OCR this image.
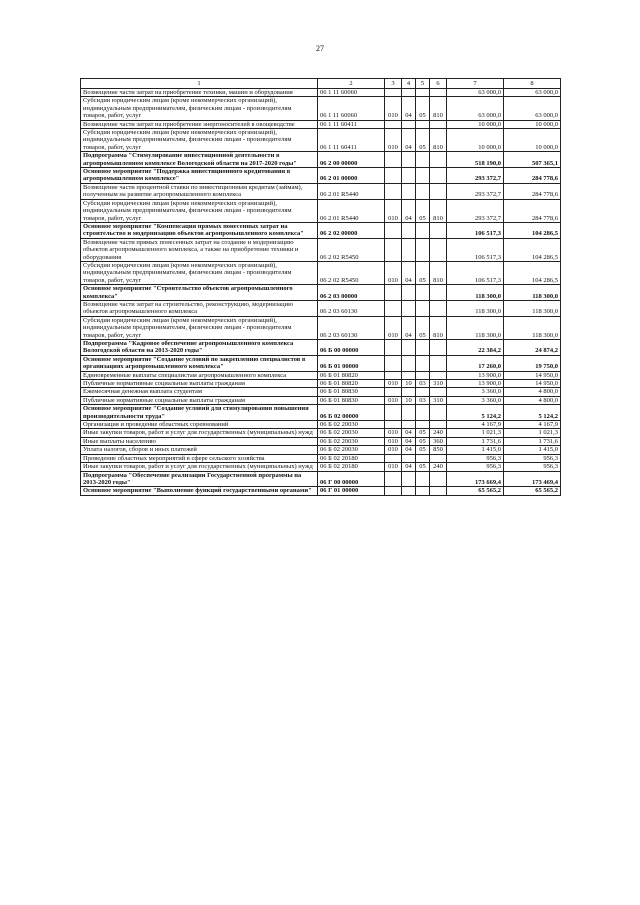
27
1	2	3	4	5	6	7	8
Возмещение части затрат на приобретение техники, машин и оборудования	06 1 11 60060					63 000,0	63 000,0
Субсидии юридическим лицам (кроме некоммерческих организаций), индивидуальным предпринимателям, физическим лицам - производителям товаров, работ, услуг	06 1 11 60060	010	04	05	810	63 000,0	63 000,0
Возмещение части затрат на приобретение энергоносителей в овощеводстве	06 1 11 60411					10 000,0	10 000,0
Субсидии юридическим лицам (кроме некоммерческих организаций), индивидуальным предпринимателям, физическим лицам - производителям товаров, работ, услуг	06 1 11 60411	010	04	05	810	10 000,0	10 000,0
Подпрограмма "Стимулирование инвестиционной деятельности в агропромышленном комплексе Вологодской области на 2017-2020 годы"	06 2 00 00000					518 190,0	507 365,1
Основное мероприятие "Поддержка инвестиционного кредитования в агропромышленном комплексе"	06 2 01 00000					293 372,7	284 778,6
Возмещение части процентной ставки по инвестиционным кредитам (займам), полученным на развитие агропромышленного комплекса	06 2 01 R5440					293 372,7	284 778,6
Субсидии юридическим лицам (кроме некоммерческих организаций), индивидуальным предпринимателям, физическим лицам - производителям товаров, работ, услуг	06 2 01 R5440	010	04	05	810	293 372,7	284 778,6
Основное мероприятие "Компенсация прямых понесенных затрат на строительство и модернизацию объектов агропромышленного комплекса"	06 2 02 00000					106 517,3	104 286,5
Возмещение части прямых понесенных затрат на создание и модернизацию объектов агропромышленного комплекса, а также на приобретение техники и оборудования	06 2 02 R5450					106 517,3	104 286,5
Субсидии юридическим лицам (кроме некоммерческих организаций), индивидуальным предпринимателям, физическим лицам - производителям товаров, работ, услуг	06 2 02 R5450	010	04	05	810	106 517,3	104 286,5
Основное мероприятие "Строительство объектов агропромышленного комплекса"	06 2 03 00000					118 300,0	118 300,0
Возмещение части затрат на строительство, реконструкцию, модернизацию объектов агропромышленного комплекса	06 2 03 60130					118 300,0	118 300,0
Субсидии юридическим лицам (кроме некоммерческих организаций), индивидуальным предпринимателям, физическим лицам - производителям товаров, работ, услуг	06 2 03 60130	010	04	05	810	118 300,0	118 300,0
Подпрограмма "Кадровое обеспечение агропромышленного комплекса Вологодской области на 2013-2020 годы"	06 Б 00 00000					22 384,2	24 874,2
Основное мероприятие "Создание условий по закреплению специалистов в организациях агропромышленного комплекса"	06 Б 01 00000					17 260,0	19 750,0
Единовременные выплаты специалистам агропромышленного комплекса	06 Б 01 80820					13 900,0	14 950,0
Публичные нормативные социальные выплаты гражданам	06 Б 01 80820	010	10	03	310	13 900,0	14 950,0
Ежемесячная денежная выплата студентам	06 Б 01 80830					3 360,0	4 800,0
Публичные нормативные социальные выплаты гражданам	06 Б 01 80830	010	10	03	310	3 360,0	4 800,0
Основное мероприятие "Создание условий для стимулирования повышения производительности труда"	06 Б 02 00000					5 124,2	5 124,2
Организация и проведение областных соревнований	06 Б 02 20030					4 167,9	4 167,9
Иные закупки товаров, работ и услуг для государственных (муниципальных) нужд	06 Б 02 20030	010	04	05	240	1 021,3	1 021,3
Иные выплаты населению	06 Б 02 20030	010	04	05	360	1 731,6	1 731,6
Уплата налогов, сборов и иных платежей	06 Б 02 20030	010	04	05	850	1 415,0	1 415,0
Проведение областных мероприятий в сфере сельского хозяйства	06 Б 02 20180					956,3	956,3
Иные закупки товаров, работ и услуг для государственных (муниципальных) нужд	06 Б 02 20180	010	04	05	240	956,3	956,3
Подпрограмма "Обеспечение реализации Государственной программы на 2013-2020 годы"	06 Г 00 00000					173 669,4	173 469,4
Основное мероприятие "Выполнение функций государственными органами"	06 Г 01 00000					65 565,2	65 565,2
